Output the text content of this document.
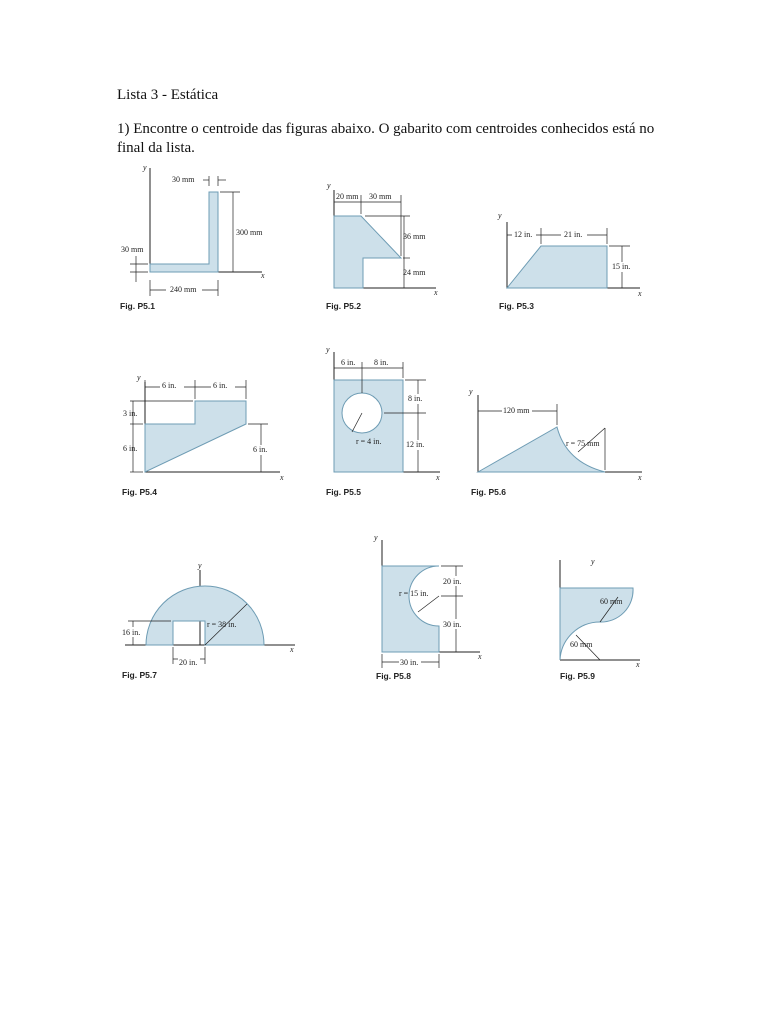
Lista 3 - Estática

1) Encontre o centroide das figuras abaixo. O gabarito com centroides conhecidos está no final da lista.

y
x
30 mm
300 mm
30 mm
240 mm
Fig. P5.1
y
x
20 mm 30 mm
36 mm
24 mm
Fig. P5.2
y
x
12 in.	21 in.
15 in.
Fig. P5.3
y
x
6 in.	6 in.
3 in.
6 in.	6 in.
Fig. P5.4
y
x
r = 4 in.
6 in. 8 in.
8 in.
12 in.
Fig. P5.5
y
x
120 mm
r = 75 mm
Fig. P5.6
y
x
r = 38 in.
16 in.
20 in.
Fig. P5.7
y
x
r = 15 in.
20 in.
30 in.
30 in.
Fig. P5.8
y
x
60 mm
60 mm
Fig. P5.9
